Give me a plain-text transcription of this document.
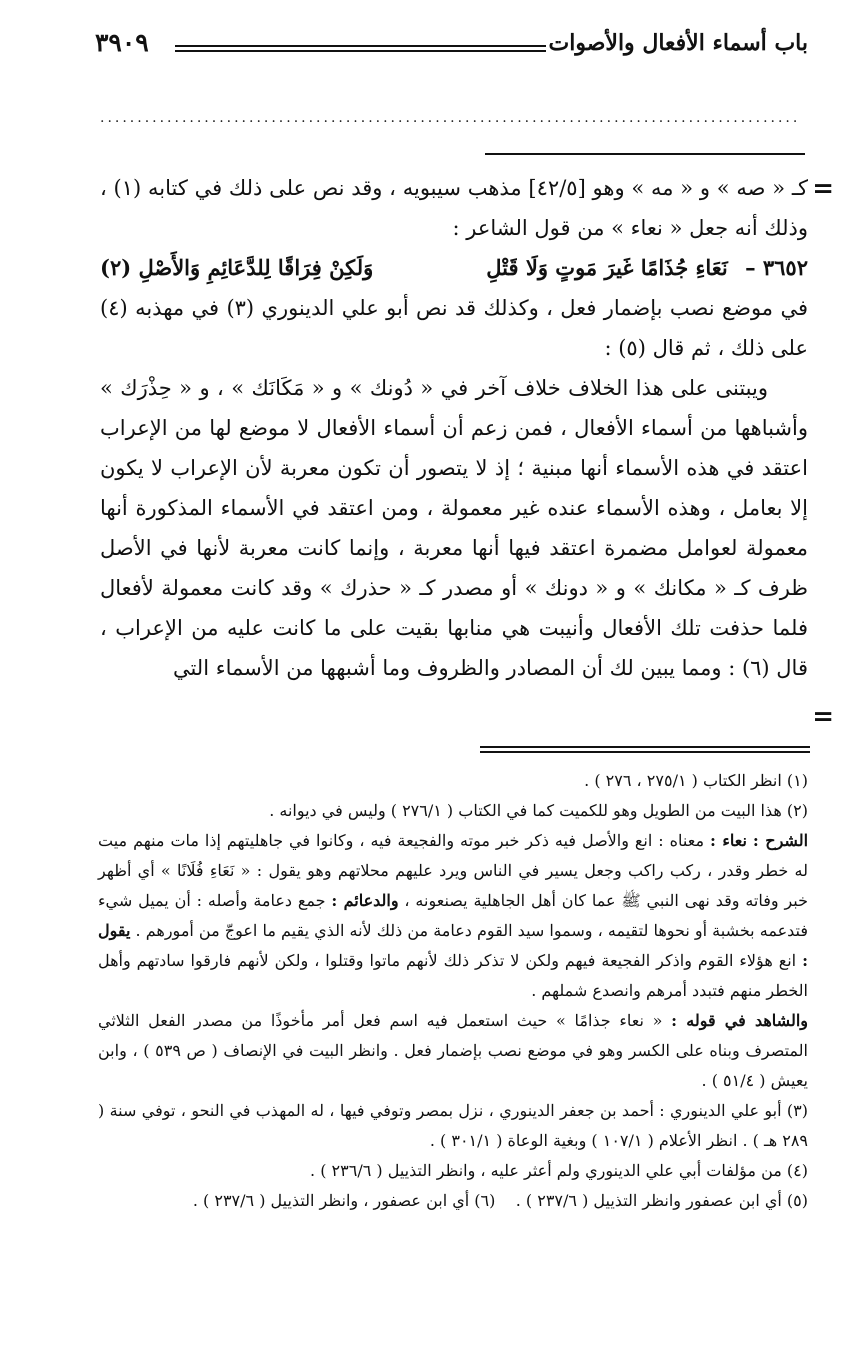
باب أسماء الأفعال والأصوات
٣٩٠٩
..............................................................................................
=
=

كـ « صه » و « مه » وهو [٤٢/٥] مذهب سيبويه ، وقد نص على ذلك في كتابه (١) ، وذلك أنه جعل « نعاء » من قول الشاعر :

٣٦٥٢ – نَعَاءِ جُذَامًا غَيرَ مَوتٍ وَلَا قَتْلِ
وَلَكِنْ فِرَاقًا لِلدَّعَائِمِ وَالأَصْلِ (٢)

في موضع نصب بإضمار فعل ، وكذلك قد نص أبو علي الدينوري (٣) في مهذبه (٤) على ذلك ، ثم قال (٥) :

ويبتنى على هذا الخلاف خلاف آخر في « دُونك » و « مَكَانَك » ، و « حِذْرَك » وأشباهها من أسماء الأفعال ، فمن زعم أن أسماء الأفعال لا موضع لها من الإعراب اعتقد في هذه الأسماء أنها مبنية ؛ إذ لا يتصور أن تكون معربة لأن الإعراب لا يكون إلا بعامل ، وهذه الأسماء عنده غير معمولة ، ومن اعتقد في الأسماء المذكورة أنها معمولة لعوامل مضمرة اعتقد فيها أنها معربة ، وإنما كانت معربة لأنها في الأصل ظرف كـ « مكانك » و « دونك » أو مصدر كـ « حذرك » وقد كانت معمولة لأفعال فلما حذفت تلك الأفعال وأنيبت هي منابها بقيت على ما كانت عليه من الإعراب ، قال (٦) : ومما يبين لك أن المصادر والظروف وما أشبهها من الأسماء التي

(١) انظر الكتاب ( ٢٧٥/١ ، ٢٧٦ ) .

(٢) هذا البيت من الطويل وهو للكميت كما في الكتاب ( ٢٧٦/١ ) وليس في ديوانه .

الشرح : نعاء : معناه : انع والأصل فيه ذكر خبر موته والفجيعة فيه ، وكانوا في جاهليتهم إذا مات منهم ميت له خطر وقدر ، ركب راكب وجعل يسير في الناس ويرد عليهم محلاتهم وهو يقول : « نَعَاءِ فُلَانًا » أي أظهر خبر وفاته وقد نهى النبي ﷺ عما كان أهل الجاهلية يصنعونه ، والدعائم : جمع دعامة وأصله : أن يميل شيء فتدعمه بخشبة أو نحوها لتقيمه ، وسموا سيد القوم دعامة من ذلك لأنه الذي يقيم ما اعوجّ من أمورهم . يقول : انع هؤلاء القوم واذكر الفجيعة فيهم ولكن لا تذكر ذلك لأنهم ماتوا وقتلوا ، ولكن لأنهم فارقوا سادتهم وأهل الخطر منهم فتبدد أمرهم وانصدع شملهم .

والشاهد في قوله : « نعاء جذامًا » حيث استعمل فيه اسم فعل أمر مأخوذًا من مصدر الفعل الثلاثي المتصرف وبناه على الكسر وهو في موضع نصب بإضمار فعل . وانظر البيت في الإنصاف ( ص ٥٣٩ ) ، وابن يعيش ( ٥١/٤ ) .

(٣) أبو علي الدينوري : أحمد بن جعفر الدينوري ، نزل بمصر وتوفي فيها ، له المهذب في النحو ، توفي سنة ( ٢٨٩ هـ ) . انظر الأعلام ( ١٠٧/١ ) وبغية الوعاة ( ٣٠١/١ ) .

(٤) من مؤلفات أبي علي الدينوري ولم أعثر عليه ، وانظر التذييل ( ٢٣٦/٦ ) .

(٥) أي ابن عصفور وانظر التذييل ( ٢٣٧/٦ ) .    (٦) أي ابن عصفور ، وانظر التذييل ( ٢٣٧/٦ ) .
